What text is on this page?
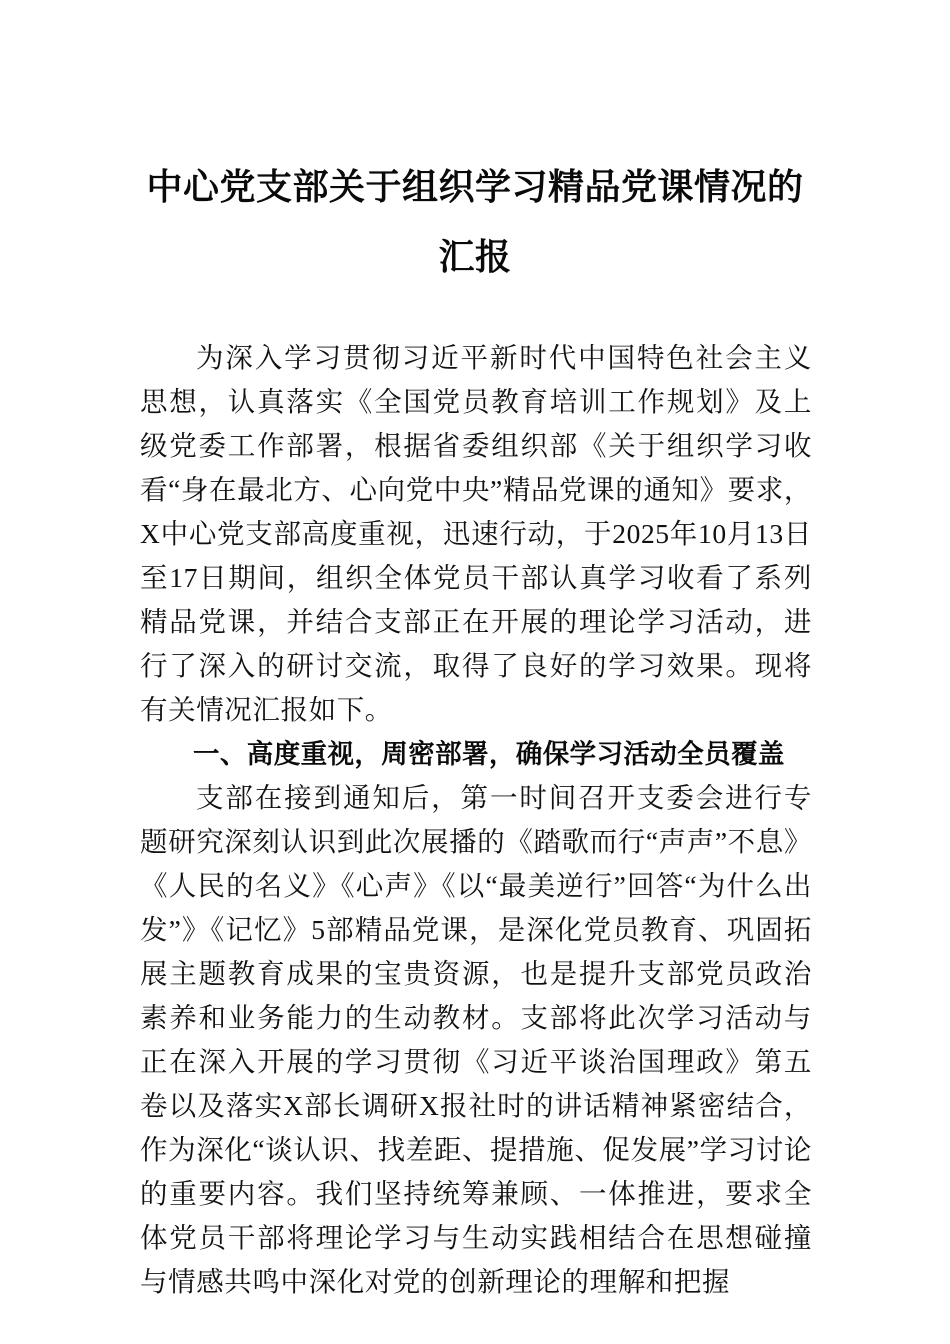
中心党支部关于组织学习精品党课情况的
汇报

为深入学习贯彻习近平新时代中国特色社会主义思想，认真落实《全国党员教育培训工作规划》及上级党委工作部署，根据省委组织部《关于组织学习收看“身在最北方、心向党中央”精品党课的通知》要求，X中心党支部高度重视，迅速行动，于2025年10月13日至17日期间，组织全体党员干部认真学习收看了系列精品党课，并结合支部正在开展的理论学习活动，进行了深入的研讨交流，取得了良好的学习效果。现将有关情况汇报如下。

一、高度重视，周密部署，确保学习活动全员覆盖

支部在接到通知后，第一时间召开支委会进行专题研究深刻认识到此次展播的《踏歌而行“声声”不息》《人民的名义》《心声》《以“最美逆行”回答“为什么出发”》《记忆》5部精品党课，是深化党员教育、巩固拓展主题教育成果的宝贵资源，也是提升支部党员政治素养和业务能力的生动教材。支部将此次学习活动与正在深入开展的学习贯彻《习近平谈治国理政》第五卷以及落实X部长调研X报社时的讲话精神紧密结合，作为深化“谈认识、找差距、提措施、促发展”学习讨论的重要内容。我们坚持统筹兼顾、一体推进，要求全体党员干部将理论学习与生动实践相结合在思想碰撞与情感共鸣中深化对党的创新理论的理解和把握
